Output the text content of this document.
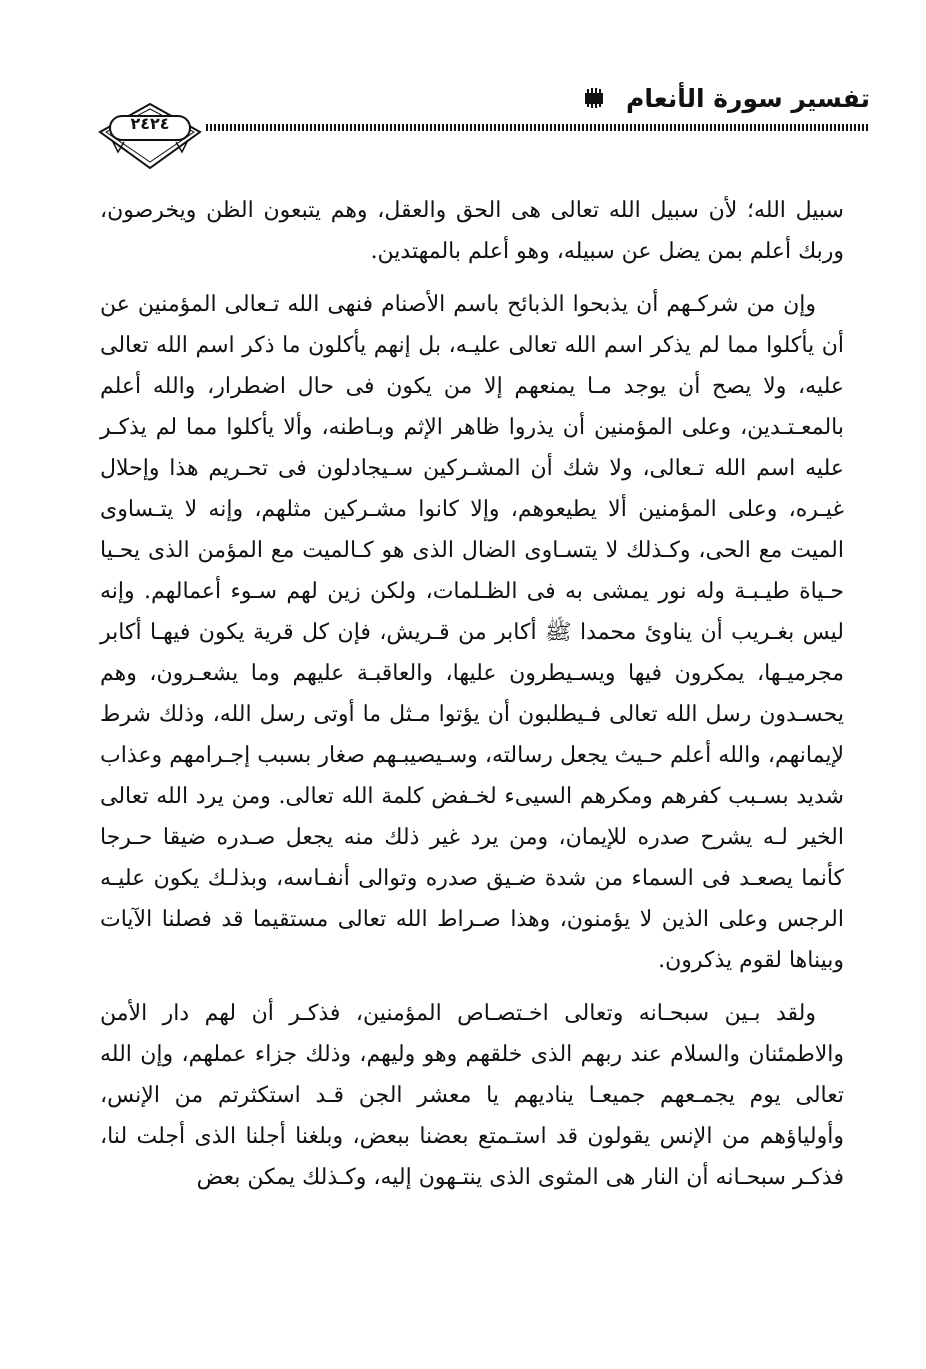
تفسير سورة الأنعام
٢٤٢٤

سبيل الله؛ لأن سبيل الله تعالى هى الحق والعقل، وهم يتبعون الظن ويخرصون، وربك أعلم بمن يضل عن سبيله، وهو أعلم بالمهتدين.

وإن من شركـهم أن يذبحوا الذبائح باسم الأصنام فنهى الله تـعالى المؤمنين عن أن يأكلوا مما لم يذكر اسم الله تعالى عليـه، بل إنهم يأكلون ما ذكر اسم الله تعالى عليه، ولا يصح أن يوجد مـا يمنعهم إلا من يكون فى حال اضطرار، والله أعلم بالمعـتـدين، وعلى المؤمنين أن يذروا ظاهر الإثم وبـاطنه، وألا يأكلوا مما لم يذكـر عليه اسم الله تـعالى، ولا شك أن المشـركين سـيجادلون فى تحـريم هذا وإحلال غيـره، وعلى المؤمنين ألا يطيعوهم، وإلا كانوا مشـركين مثلهم، وإنه لا يتـساوى الميت مع الحى، وكـذلك لا يتسـاوى الضال الذى هو كـالميت مع المؤمن الذى يحـيا حـياة طيـبـة وله نور يمشى به فى الظـلمات، ولكن زين لهم سـوء أعمالهم. وإنه ليس بغـريب أن يناوئ محمدا ﷺ أكابر من قـريش، فإن كل قرية يكون فيهـا أكابر مجرميـها، يمكرون فيها ويسـيطرون عليها، والعاقبـة عليهم وما يشعـرون، وهم يحسـدون رسل الله تعالى فـيطلبون أن يؤتوا مـثل ما أوتى رسل الله، وذلك شرط لإيمانهم، والله أعلم حـيث يجعل رسالته، وسـيصيبـهم صغار بسبب إجـرامهم وعذاب شديد بسـبب كفرهم ومكرهم السيىء لخـفض كلمة الله تعالى. ومن يرد الله تعالى الخير لـه يشرح صدره للإيمان، ومن يرد غير ذلك منه يجعل صـدره ضيقا حـرجا كأنما يصعـد فى السماء من شدة ضـيق صدره وتوالى أنفـاسه، وبذلـك يكون عليـه الرجس وعلى الذين لا يؤمنون، وهذا صـراط الله تعالى مستقيما قد فصلنا الآيات وبيناها لقوم يذكرون.

ولقد بـين سبحـانه وتعالى اخـتصـاص المؤمنين، فذكـر أن لهم دار الأمن والاطمئنان والسلام عند ربهم الذى خلقهم وهو وليهم، وذلك جزاء عملهم، وإن الله تعالى يوم يجمـعهم جميعـا يناديهم يا معشر الجن قـد استكثرتم من الإنس، وأولياؤهم من الإنس يقولون قد استـمتع بعضنا ببعض، وبلغنا أجلنا الذى أجلت لنا، فذكـر سبحـانه أن النار هى المثوى الذى ينتـهون إليه، وكـذلك يمكن بعض
